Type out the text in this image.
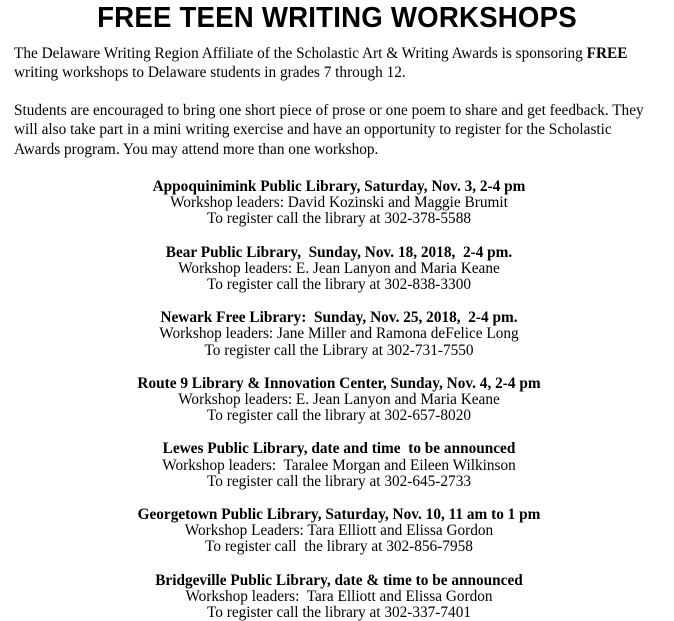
FREE TEEN WRITING WORKSHOPS

The Delaware Writing Region Affiliate of the Scholastic Art & Writing Awards is sponsoring FREE writing workshops to Delaware students in grades 7 through 12.

Students are encouraged to bring one short piece of prose or one poem to share and get feedback. They will also take part in a mini writing exercise and have an opportunity to register for the Scholastic Awards program. You may attend more than one workshop.

Appoquinimink Public Library, Saturday, Nov. 3, 2-4 pm
Workshop leaders: David Kozinski and Maggie Brumit
To register call the library at 302-378-5588
Bear Public Library,  Sunday, Nov. 18, 2018,  2-4 pm.
Workshop leaders: E. Jean Lanyon and Maria Keane
To register call the library at 302-838-3300
Newark Free Library:  Sunday, Nov. 25, 2018,  2-4 pm.
Workshop leaders: Jane Miller and Ramona deFelice Long
To register call the Library at 302-731-7550
Route 9 Library & Innovation Center, Sunday, Nov. 4, 2-4 pm
Workshop leaders: E. Jean Lanyon and Maria Keane
To register call the library at 302-657-8020
Lewes Public Library, date and time  to be announced
Workshop leaders:  Taralee Morgan and Eileen Wilkinson
To register call the library at 302-645-2733
Georgetown Public Library, Saturday, Nov. 10, 11 am to 1 pm
Workshop Leaders: Tara Elliott and Elissa Gordon
To register call  the library at 302-856-7958
Bridgeville Public Library, date & time to be announced
Workshop leaders:  Tara Elliott and Elissa Gordon
To register call the library at 302-337-7401
